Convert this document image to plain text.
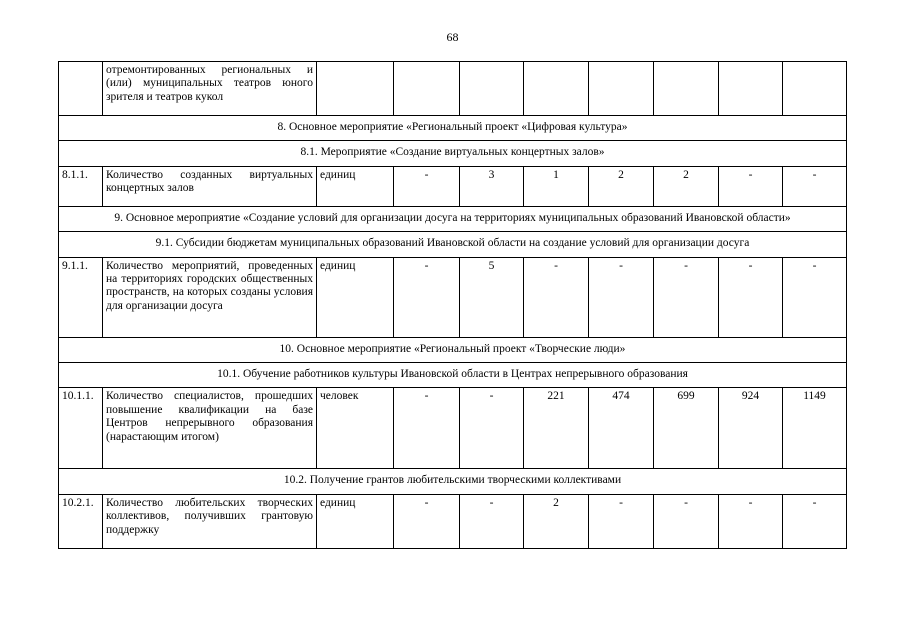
68
	отремонтированных региональных и (или) муниципальных театров юного зрителя и театров кукол								
8. Основное мероприятие «Региональный проект «Цифровая культура»									
8.1. Мероприятие «Создание виртуальных концертных залов»									
8.1.1.	Количество созданных виртуальных концертных залов	единиц	-	3	1	2	2	-	-
9. Основное мероприятие «Создание условий для организации досуга на территориях муниципальных образований Ивановской области»									
9.1. Субсидии бюджетам муниципальных образований Ивановской области на создание условий для организации досуга									
9.1.1.	Количество мероприятий, проведенных на территориях городских общественных пространств, на которых созданы условия для организации досуга	единиц	-	5	-	-	-	-	-
10. Основное мероприятие «Региональный проект «Творческие люди»									
10.1. Обучение работников культуры Ивановской области в Центрах непрерывного образования									
10.1.1.	Количество специалистов, прошедших повышение квалификации на базе Центров непрерывного образования (нарастающим итогом)	человек	-	-	221	474	699	924	1149
10.2. Получение грантов любительскими творческими коллективами									
10.2.1.	Количество любительских творческих коллективов, получивших грантовую поддержку	единиц	-	-	2	-	-	-	-
